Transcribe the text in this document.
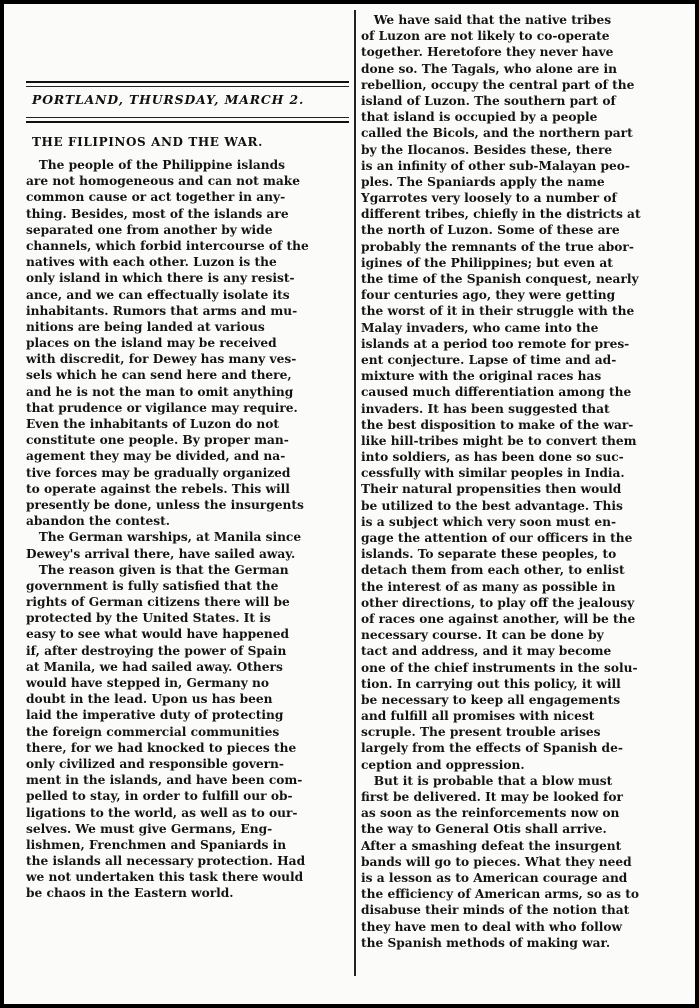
PORTLAND, THURSDAY, MARCH 2.
THE FILIPINOS AND THE WAR.
The people of the Philippine islands
are not homogeneous and can not make
common cause or act together in any-
thing. Besides, most of the islands are
separated one from another by wide
channels, which forbid intercourse of the
natives with each other. Luzon is the
only island in which there is any resist-
ance, and we can effectually isolate its
inhabitants. Rumors that arms and mu-
nitions are being landed at various
places on the island may be received
with discredit, for Dewey has many ves-
sels which he can send here and there,
and he is not the man to omit anything
that prudence or vigilance may require.
Even the inhabitants of Luzon do not
constitute one people. By proper man-
agement they may be divided, and na-
tive forces may be gradually organized
to operate against the rebels. This will
presently be done, unless the insurgents
abandon the contest.
The German warships, at Manila since
Dewey's arrival there, have sailed away.
The reason given is that the German
government is fully satisfied that the
rights of German citizens there will be
protected by the United States. It is
easy to see what would have happened
if, after destroying the power of Spain
at Manila, we had sailed away. Others
would have stepped in, Germany no
doubt in the lead. Upon us has been
laid the imperative duty of protecting
the foreign commercial communities
there, for we had knocked to pieces the
only civilized and responsible govern-
ment in the islands, and have been com-
pelled to stay, in order to fulfill our ob-
ligations to the world, as well as to our-
selves. We must give Germans, Eng-
lishmen, Frenchmen and Spaniards in
the islands all necessary protection. Had
we not undertaken this task there would
be chaos in the Eastern world.
We have said that the native tribes
of Luzon are not likely to co-operate
together. Heretofore they never have
done so. The Tagals, who alone are in
rebellion, occupy the central part of the
island of Luzon. The southern part of
that island is occupied by a people
called the Bicols, and the northern part
by the Ilocanos. Besides these, there
is an infinity of other sub-Malayan peo-
ples. The Spaniards apply the name
Ygarrotes very loosely to a number of
different tribes, chiefly in the districts at
the north of Luzon. Some of these are
probably the remnants of the true abor-
igines of the Philippines; but even at
the time of the Spanish conquest, nearly
four centuries ago, they were getting
the worst of it in their struggle with the
Malay invaders, who came into the
islands at a period too remote for pres-
ent conjecture. Lapse of time and ad-
mixture with the original races has
caused much differentiation among the
invaders. It has been suggested that
the best disposition to make of the war-
like hill-tribes might be to convert them
into soldiers, as has been done so suc-
cessfully with similar peoples in India.
Their natural propensities then would
be utilized to the best advantage. This
is a subject which very soon must en-
gage the attention of our officers in the
islands. To separate these peoples, to
detach them from each other, to enlist
the interest of as many as possible in
other directions, to play off the jealousy
of races one against another, will be the
necessary course. It can be done by
tact and address, and it may become
one of the chief instruments in the solu-
tion. In carrying out this policy, it will
be necessary to keep all engagements
and fulfill all promises with nicest
scruple. The present trouble arises
largely from the effects of Spanish de-
ception and oppression.
But it is probable that a blow must
first be delivered. It may be looked for
as soon as the reinforcements now on
the way to General Otis shall arrive.
After a smashing defeat the insurgent
bands will go to pieces. What they need
is a lesson as to American courage and
the efficiency of American arms, so as to
disabuse their minds of the notion that
they have men to deal with who follow
the Spanish methods of making war.
